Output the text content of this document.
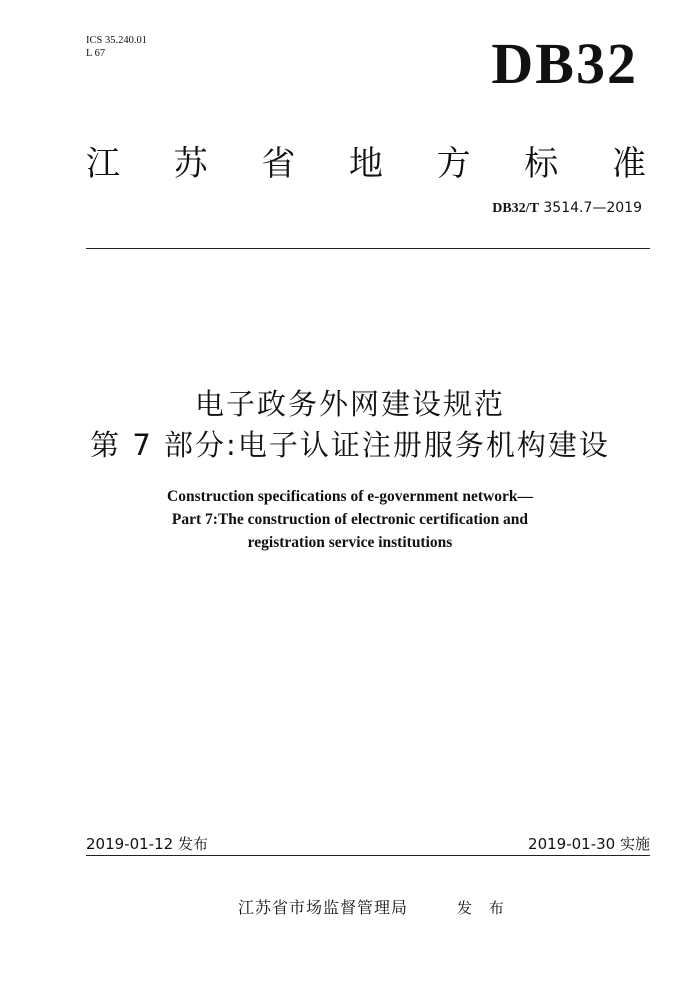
ICS 35.240.01
L 67	DB32
江 苏 省 地 方 标 准
DB32/T 3514.7—2019
电子政务外网建设规范
第 7 部分:电子认证注册服务机构建设
Construction specifications of e-government network—
Part 7:The construction of electronic certification and
registration service institutions
2019-01-12 发布	2019-01-30 实施
江苏省市场监督管理局	发 布
